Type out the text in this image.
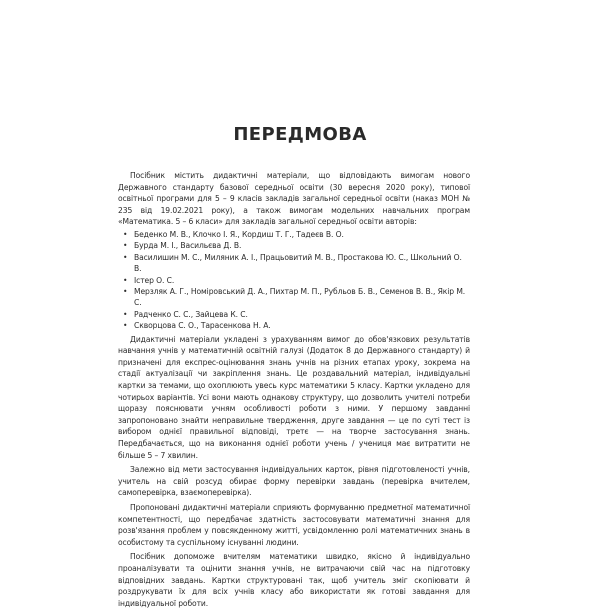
ПЕРЕДМОВА

Посібник містить дидактичні матеріали, що відповідають вимогам нового Державного стандарту базової середньої освіти (30 вересня 2020 року), типової освітньої програми для 5 – 9 класів закладів загальної середньої освіти (наказ МОН № 235 від 19.02.2021 року), а також вимогам модельних навчальних програм «Математика. 5 – 6 класи» для закладів загальної середньої освіти авторів:

• Беденко М. В., Клочко І. Я., Кордиш Т. Г., Тадеєв В. О.
• Бурда М. І., Васильєва Д. В.
• Василишин М. С., Миляник А. І., Працьовитий М. В., Простакова Ю. С., Школьний О. В.
• Істер О. С.
• Мерзляк А. Г., Номіровський Д. А., Пихтар М. П., Рубльов Б. В., Семенов В. В., Якір М. С.
• Радченко С. С., Зайцева К. С.
• Скворцова С. О., Тарасенкова Н. А.

Дидактичні матеріали укладені з урахуванням вимог до обов'язкових результатів навчання учнів у математичній освітній галузі (Додаток 8 до Державного стандарту) й призначені для експрес-оцінювання знань учнів на різних етапах уроку, зокрема на стадії актуалізації чи закріплення знань. Це роздавальний матеріал, індивідуальні картки за темами, що охоплюють увесь курс математики 5 класу. Картки укладено для чотирьох варіантів. Усі вони мають однакову структуру, що дозволить учителі потреби щоразу пояснювати учням особливості роботи з ними. У першому завданні запропоновано знайти неправильне твердження, друге завдання — це по суті тест із вибором однієї правильної відповіді, третє — на творче застосування знань. Передбачається, що на виконання однієї роботи учень / учениця має витратити не більше 5 – 7 хвилин.

Залежно від мети застосування індивідуальних карток, рівня підготовленості учнів, учитель на свій розсуд обирає форму перевірки завдань (перевірка вчителем, самоперевірка, взаємоперевірка).

Пропоновані дидактичні матеріали сприяють формуванню предметної математичної компетентності, що передбачає здатність застосовувати математичні знання для розв'язання проблем у повсякденному житті, усвідомленню ролі математичних знань в особистому та суспільному існуванні людини.

Посібник допоможе вчителям математики швидко, якісно й індивідуально проаналізувати та оцінити знання учнів, не витрачаючи свій час на підготовку відповідних завдань. Картки структуровані так, щоб учитель зміг скопіювати й роздрукувати їх для всіх учнів класу або використати як готові завдання для індивідуальної роботи.
